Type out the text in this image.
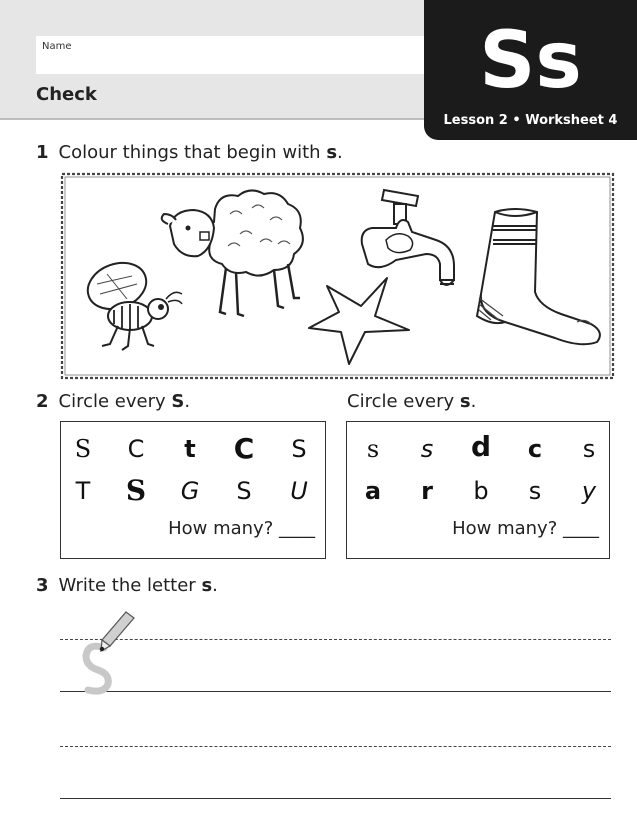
Name
Check	Ss
Lesson 2 • Worksheet 4
1 Colour things that begin with s.
2 Circle every S.	Circle every s.
S	C	t	C	S
T	S	G	S	U
How many? ____
s	s	d	c	s
a	r	b	s	y
How many? ____
3 Write the letter s.
